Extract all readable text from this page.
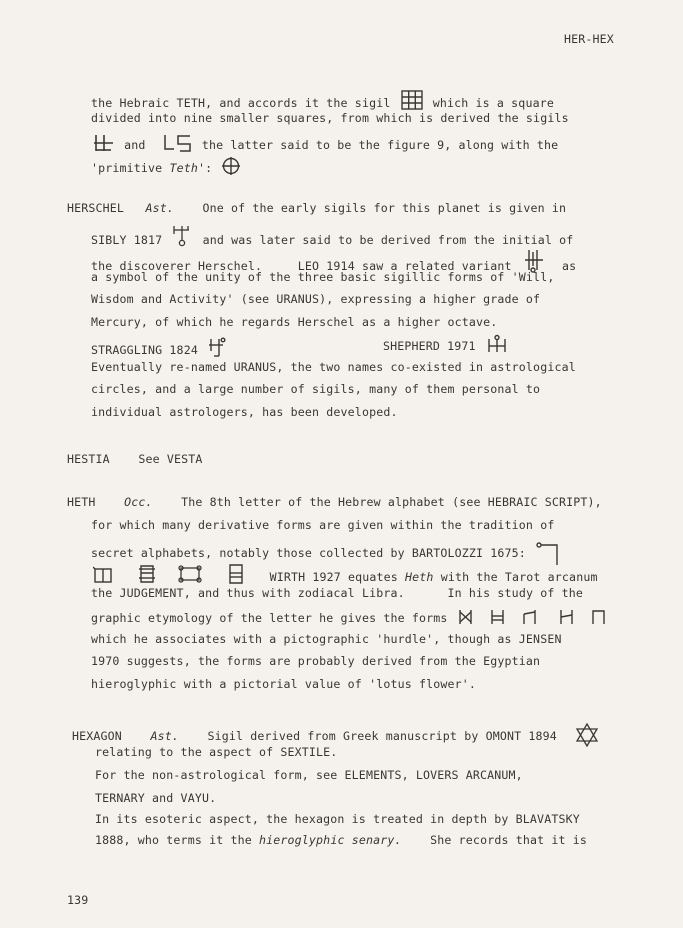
HER-HEX
the Hebraic TETH, and accords it the sigil	which is a square
divided into nine smaller squares, from which is derived the sigils
and	the latter said to be the figure 9, along with the
'primitive Teth':
HERSCHEL Ast. One of the early sigils for this planet is given in
SIBLY 1817	and was later said to be derived from the initial of
the discoverer Herschel.	LEO 1914 saw a related variant	as
a symbol of the unity of the three basic sigillic forms of 'Will,
Wisdom and Activity' (see URANUS), expressing a higher grade of
Mercury, of which he regards Herschel as a higher octave.
STRAGGLING 1824	SHEPHERD 1971
Eventually re-named URANUS, the two names co-existed in astrological
circles, and a large number of sigils, many of them personal to
individual astrologers, has been developed.
HESTIA See VESTA
HETH Occ. The 8th letter of the Hebrew alphabet (see HEBRAIC SCRIPT),
for which many derivative forms are given within the tradition of
secret alphabets, notably those collected by BARTOLOZZI 1675:

WIRTH 1927 equates Heth with the Tarot arcanum
the JUDGEMENT, and thus with zodiacal Libra.	In his study of the
graphic etymology of the letter he gives the forms

which he associates with a pictographic 'hurdle', though as JENSEN
1970 suggests, the forms are probably derived from the Egyptian
hieroglyphic with a pictorial value of 'lotus flower'.
HEXAGON Ast. Sigil derived from Greek manuscript by OMONT 1894
relating to the aspect of SEXTILE.
For the non-astrological form, see ELEMENTS, LOVERS ARCANUM,
TERNARY and VAYU.
In its esoteric aspect, the hexagon is treated in depth by BLAVATSKY
1888, who terms it the hieroglyphic senary. She records that it is
139
